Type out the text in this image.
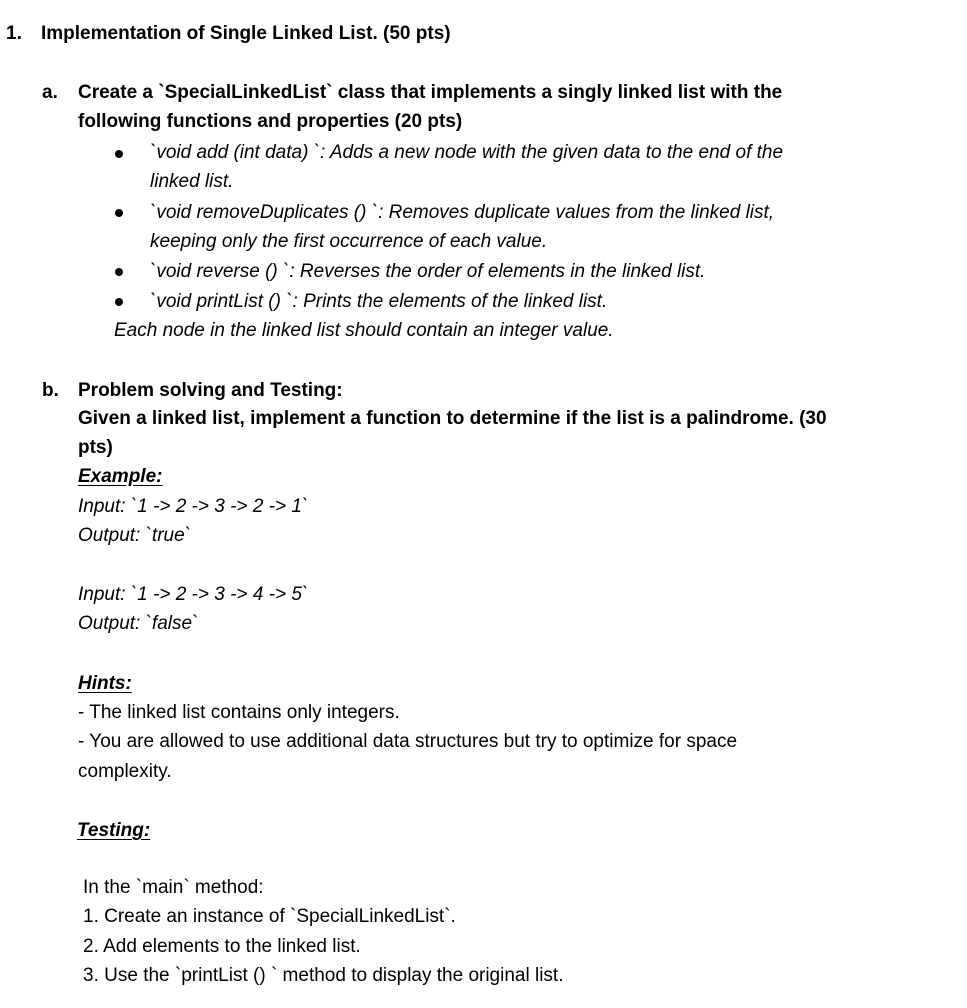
1. Implementation of Single Linked List. (50 pts)
a. Create a `SpecialLinkedList` class that implements a singly linked list with the
following functions and properties (20 pts)
`void add (int data) `: Adds a new node with the given data to the end of the
linked list.
`void removeDuplicates () `: Removes duplicate values from the linked list,
keeping only the first occurrence of each value.
`void reverse () `: Reverses the order of elements in the linked list.
`void printList () `: Prints the elements of the linked list.
Each node in the linked list should contain an integer value.
b. Problem solving and Testing:
Given a linked list, implement a function to determine if the list is a palindrome. (30
pts)
Example:
Input: `1 -> 2 -> 3 -> 2 -> 1`
Output: `true`
Input: `1 -> 2 -> 3 -> 4 -> 5`
Output: `false`
Hints:
- The linked list contains only integers.
- You are allowed to use additional data structures but try to optimize for space
complexity.
Testing:
In the `main` method:
1. Create an instance of `SpecialLinkedList`.
2. Add elements to the linked list.
3. Use the `printList () ` method to display the original list.
